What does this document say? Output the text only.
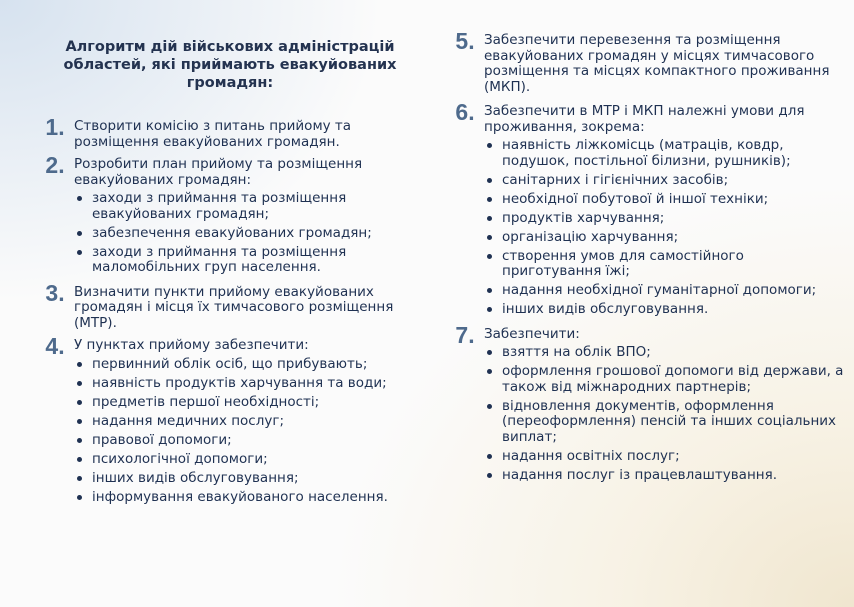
Алгоритм дій військових адміністрацій областей, які приймають евакуйованих громадян:
1. Створити комісію з питань прийому та розміщення евакуйованих громадян.
2. Розробити план прийому та розміщення евакуйованих громадян:
заходи з приймання та розміщення евакуйованих громадян;
забезпечення евакуйованих громадян;
заходи з приймання та розміщення маломобільних груп населення.
3. Визначити пункти прийому евакуйованих громадян і місця їх тимчасового розміщення (МТР).
4. У пунктах прийому забезпечити:
первинний облік осіб, що прибувають;
наявність продуктів харчування та води;
предметів першої необхідності;
надання медичних послуг;
правової допомоги;
психологічної допомоги;
інших видів обслуговування;
інформування евакуйованого населення.
5. Забезпечити перевезення та розміщення евакуйованих громадян у місцях тимчасового розміщення та місцях компактного проживання (МКП).
6. Забезпечити в МТР і МКП належні умови для проживання, зокрема:
наявність ліжкомісць (матраців, ковдр, подушок, постільної білизни, рушників);
санітарних і гігієнічних засобів;
необхідної побутової й іншої техніки;
продуктів харчування;
організацію харчування;
створення умов для самостійного приготування їжі;
надання необхідної гуманітарної допомоги;
інших видів обслуговування.
7. Забезпечити:
взяття на облік ВПО;
оформлення грошової допомоги від держави, а також від міжнародних партнерів;
відновлення документів, оформлення (переоформлення) пенсій та інших соціальних виплат;
надання освітніх послуг;
надання послуг із працевлаштування.
